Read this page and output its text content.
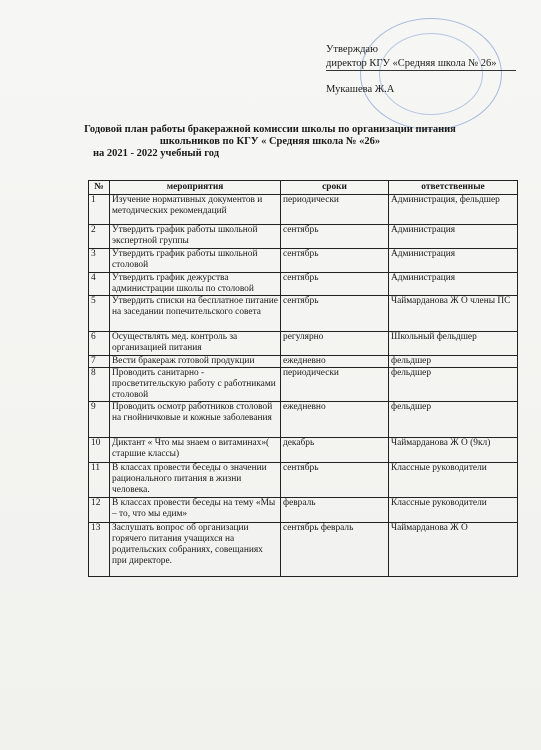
Утверждаю
директор КГУ «Средняя школа № 26»
Мукашева Ж.А
Годовой план работы бракеражной комиссии школы по организации питания
школьников по КГУ « Средняя школа № «26»
на 2021 - 2022 учебный год
№	мероприятия	сроки	ответственные
1	Изучение нормативных документов и методических рекомендаций	периодически	Администрация, фельдшер
2	Утвердить график работы школьной экспертной группы	сентябрь	Администрация
3	Утвердить график работы школьной столовой	сентябрь	Администрация
4	Утвердить график дежурства администрации школы по столовой	сентябрь	Администрация
5	Утвердить списки на бесплатное питание на заседании попечительского совета	сентябрь	Чаймарданова Ж О члены ПС
6	Осуществлять мед. контроль за организацией питания	регулярно	Школьный фельдшер
7	Вести бракераж готовой продукции	ежедневно	фельдшер
8	Проводить санитарно - просветительскую работу с работниками столовой	периодически	фельдшер
9	Проводить осмотр работников столовой на гнойничковые и кожные заболевания	ежедневно	фельдшер
10	Диктант « Что мы знаем о витаминах»( старшие классы)	декабрь	Чаймарданова Ж О (9кл)
11	В классах провести беседы о значении рационального питания в жизни человека.	сентябрь	Классные руководители
12	В классах провести беседы на тему «Мы – то, что мы едим»	февраль	Классные руководители
13	Заслушать вопрос об организации горячего питания учащихся на родительских собраниях, совещаниях при директоре.	сентябрь февраль	Чаймарданова Ж О
